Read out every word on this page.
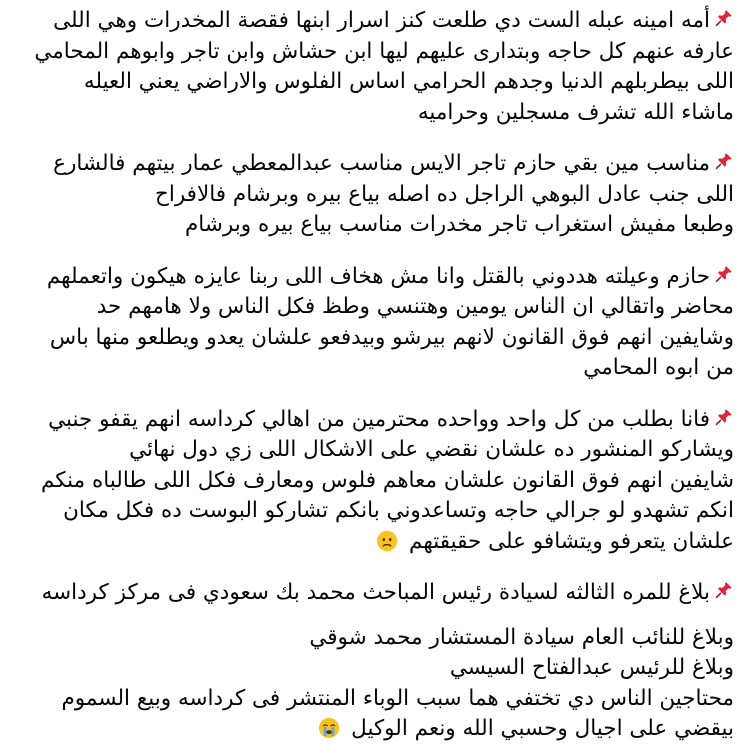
أمه امينه عبله الست دي طلعت كنز اسرار ابنها فقصة المخدرات وهي اللى
عارفه عنهم كل حاجه وبتدارى عليهم ليها ابن حشاش وابن تاجر وابوهم المحامي
اللى بيطربلهم الدنيا وجدهم الحرامي اساس الفلوس والاراضي يعني العيله
ماشاء الله تشرف مسجلين وحراميه
مناسب مين بقي حازم تاجر الايس مناسب عبدالمعطي عمار بيتهم فالشارع
اللى جنب عادل البوهي الراجل ده اصله بياع بيره وبرشام فالافراح
وطبعا مفيش استغراب تاجر مخدرات مناسب بياع بيره وبرشام
حازم وعيلته هددوني بالقتل وانا مش هخاف اللى ربنا عايزه هيكون واتعملهم
محاضر واتقالي ان الناس يومين وهتنسي وطظ فكل الناس ولا هامهم حد
وشايفين انهم فوق القانون لانهم بيرشو وبيدفعو علشان يعدو ويطلعو منها باس
من ابوه المحامي
فانا بطلب من كل واحد وواحده محترمين من اهالي كرداسه انهم يقفو جنبي
ويشاركو المنشور ده علشان نقضي على الاشكال اللى زي دول نهائي
شايفين انهم فوق القانون علشان معاهم فلوس ومعارف فكل اللى طالباه منكم
انكم تشهدو لو جرالي حاجه وتساعدوني بانكم تشاركو البوست ده فكل مكان
علشان يتعرفو ويتشافو على حقيقتهم
بلاغ للمره الثالثه لسيادة رئيس المباحث محمد بك سعودي فى مركز كرداسه
وبلاغ للنائب العام سيادة المستشار محمد شوقي
وبلاغ للرئيس عبدالفتاح السيسي
محتاجين الناس دي تختفي هما سبب الوباء المنتشر فى كرداسه وبيع السموم
بيقضي على اجيال وحسبي الله ونعم الوكيل
